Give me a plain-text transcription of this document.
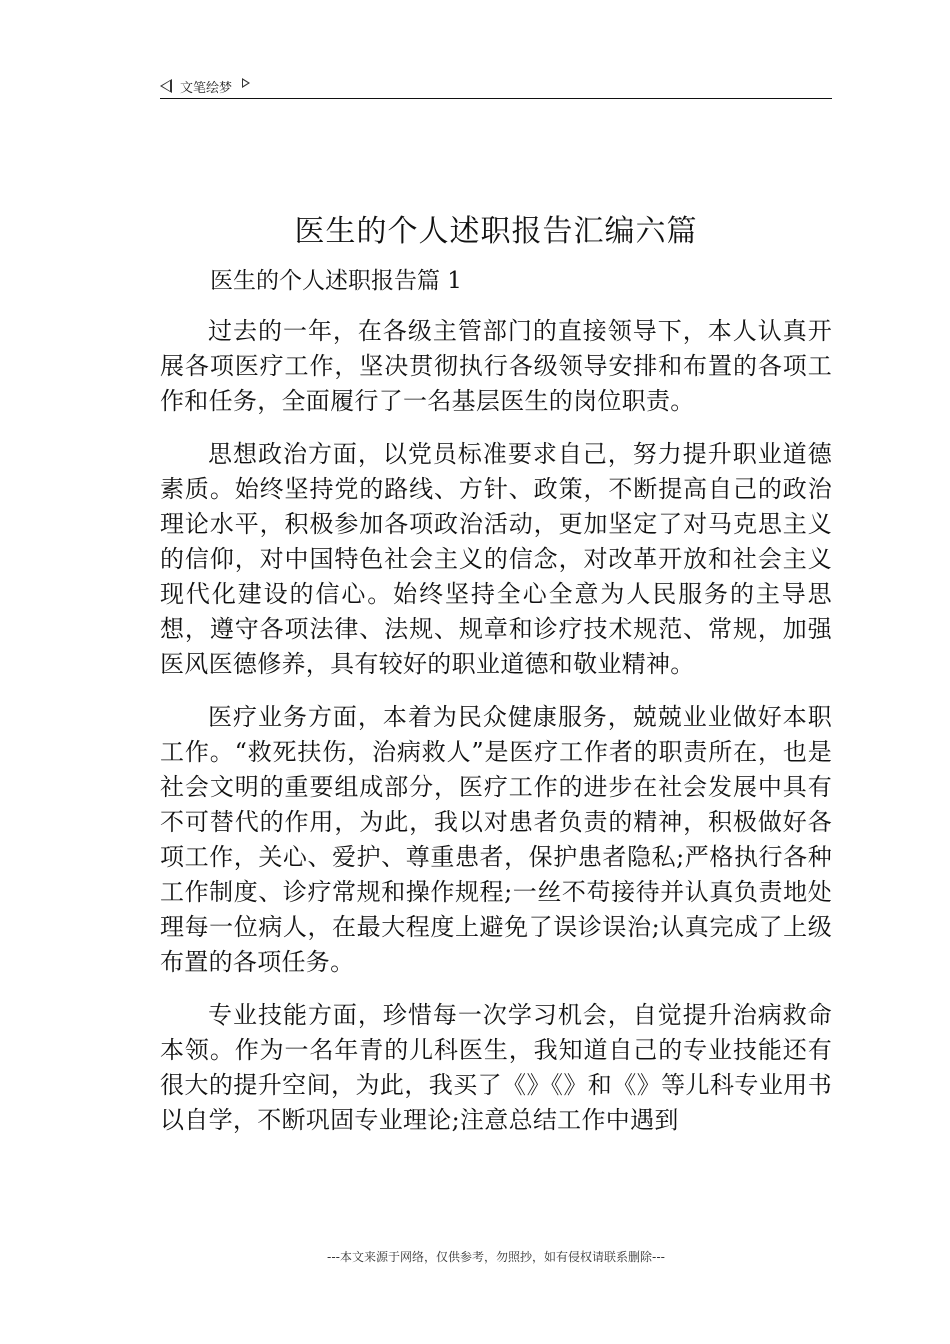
文笔绘梦
医生的个人述职报告汇编六篇
医生的个人述职报告篇 1

过去的一年，在各级主管部门的直接领导下，本人认真开展各项医疗工作，坚决贯彻执行各级领导安排和布置的各项工作和任务，全面履行了一名基层医生的岗位职责。

思想政治方面，以党员标准要求自己，努力提升职业道德素质。始终坚持党的路线、方针、政策，不断提高自己的政治理论水平，积极参加各项政治活动，更加坚定了对马克思主义的信仰，对中国特色社会主义的信念，对改革开放和社会主义现代化建设的信心。始终坚持全心全意为人民服务的主导思想，遵守各项法律、法规、规章和诊疗技术规范、常规，加强医风医德修养，具有较好的职业道德和敬业精神。

医疗业务方面，本着为民众健康服务，兢兢业业做好本职工作。“救死扶伤，治病救人”是医疗工作者的职责所在，也是社会文明的重要组成部分，医疗工作的进步在社会发展中具有不可替代的作用，为此，我以对患者负责的精神，积极做好各项工作，关心、爱护、尊重患者，保护患者隐私;严格执行各种工作制度、诊疗常规和操作规程;一丝不苟接待并认真负责地处理每一位病人，在最大程度上避免了误诊误治;认真完成了上级布置的各项任务。

专业技能方面，珍惜每一次学习机会，自觉提升治病救命本领。作为一名年青的儿科医生，我知道自己的专业技能还有很大的提升空间，为此，我买了《》《》和《》等儿科专业用书以自学，不断巩固专业理论;注意总结工作中遇到

---本文来源于网络，仅供参考，勿照抄，如有侵权请联系删除---
